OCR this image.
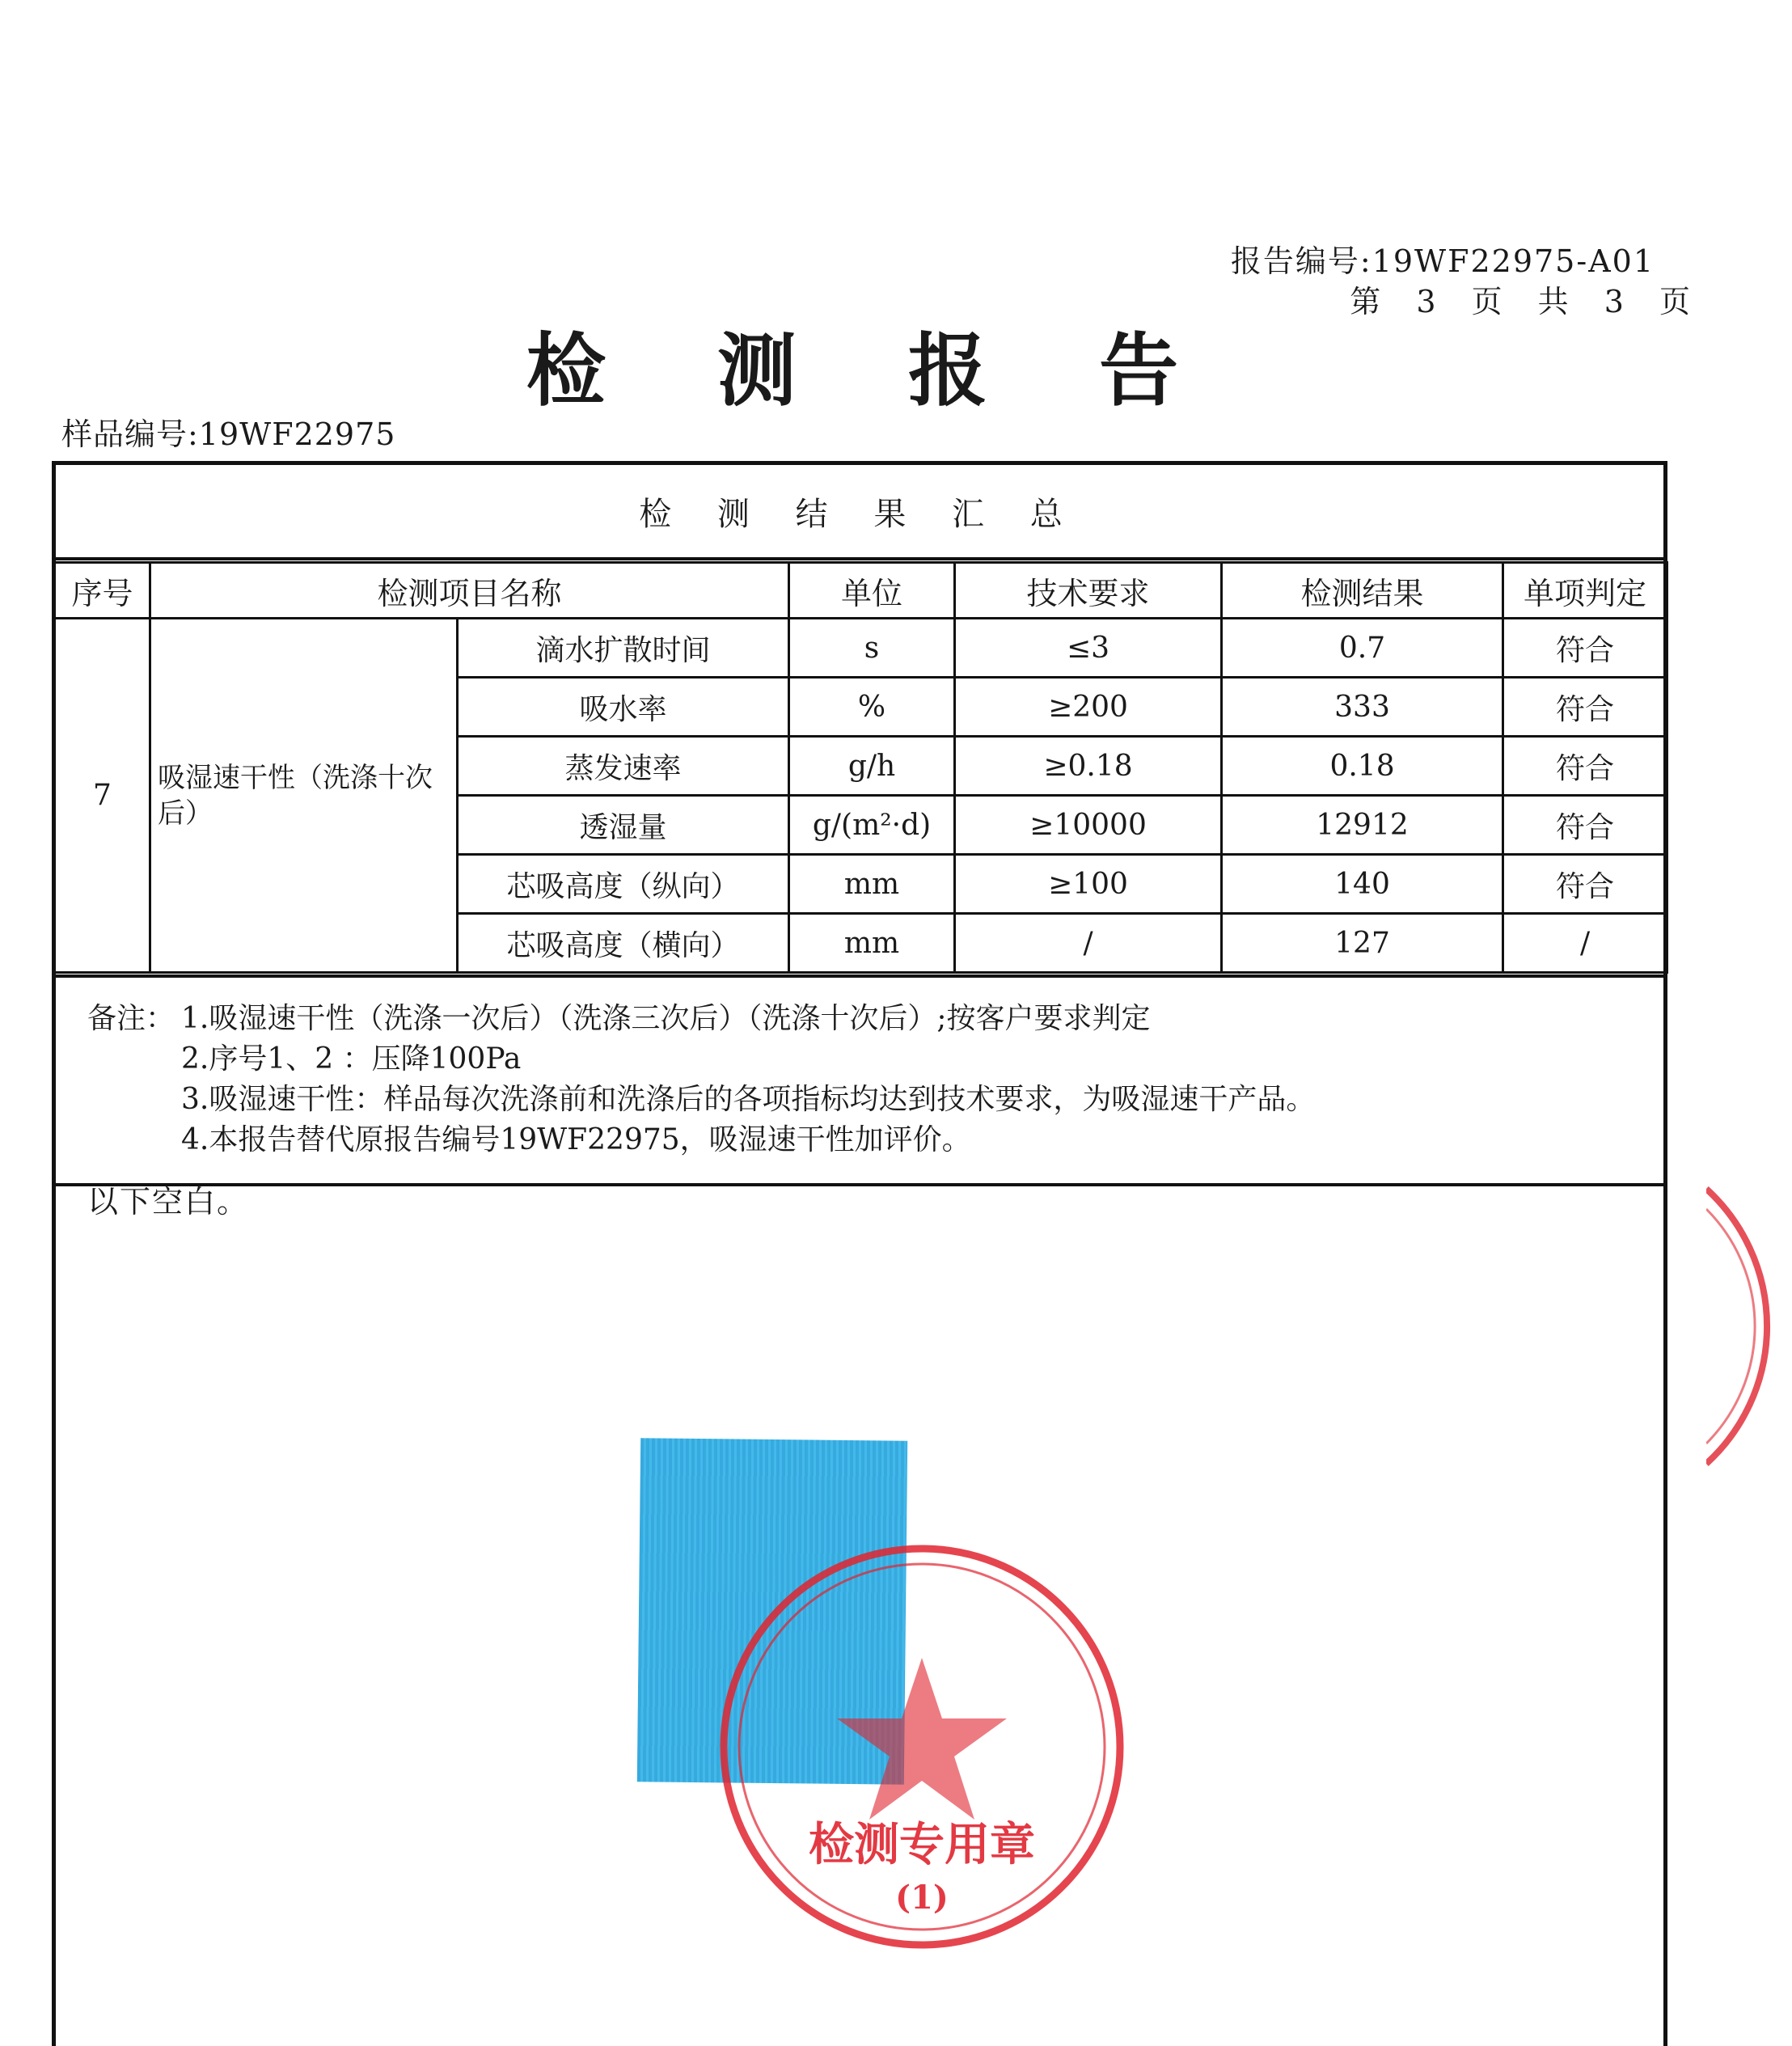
报告编号:19WF22975-A01
第 3 页 共 3 页
检 测 报 告
样品编号:19WF22975
检 测 结 果 汇 总
序号	检测项目名称		单位	技术要求	检测结果	单项判定
7	吸湿速干性（洗涤十次后）	滴水扩散时间	s	≤3	0.7	符合
		吸水率	%	≥200	333	符合
		蒸发速率	g/h	≥0.18	0.18	符合
		透湿量	g/(m²·d)	≥10000	12912	符合
		芯吸高度（纵向）	mm	≥100	140	符合
		芯吸高度（横向）	mm	/	127	/
备注： 1.吸湿速干性（洗涤一次后）（洗涤三次后）（洗涤十次后）;按客户要求判定
2.序号1、2 ：压降100Pa
3.吸湿速干性：样品每次洗涤前和洗涤后的各项指标均达到技术要求，为吸湿速干产品。
4.本报告替代原报告编号19WF22975，吸湿速干性加评价。
以下空白。
检测专用章
(1)
